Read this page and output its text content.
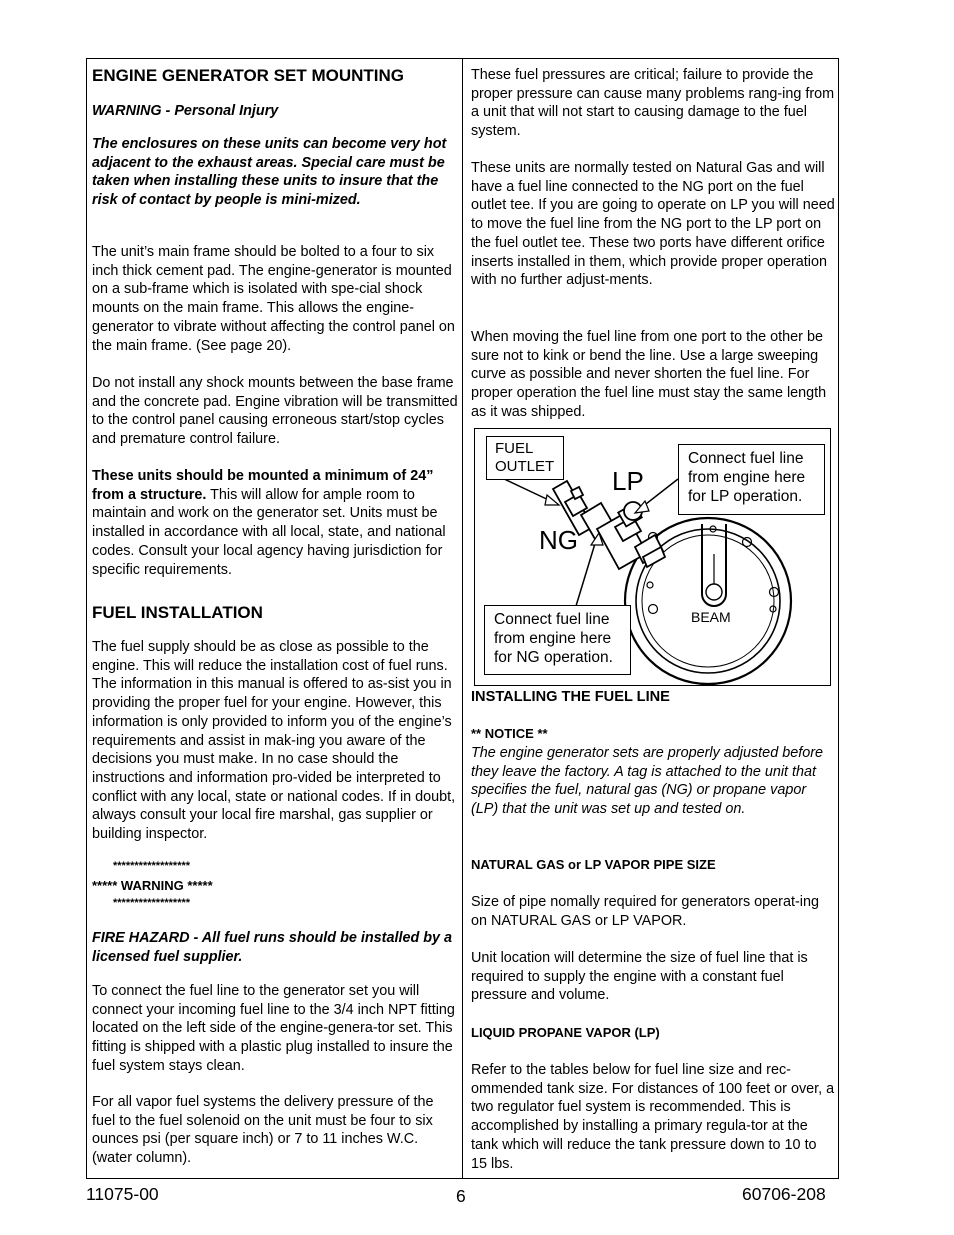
ENGINE GENERATOR SET MOUNTING

WARNING - Personal Injury

The enclosures on these units can become very hot adjacent to the exhaust areas. Special care must be taken when installing these units to insure that the risk of contact by people is mini-mized.

The unit’s main frame should be bolted to a four to six inch thick cement pad. The engine-generator is mounted on a sub-frame which is isolated with spe-cial shock mounts on the main frame. This allows the engine-generator to vibrate without affecting the control panel on the main frame. (See page 20).

Do not install any shock mounts between the base frame and the concrete pad. Engine vibration will be transmitted to the control panel causing erroneous start/stop cycles and premature control failure.

These units should be mounted a minimum of 24” from a structure. This will allow for ample room to maintain and work on the generator set. Units must be installed in accordance with all local, state, and national codes. Consult your local agency having jurisdiction for specific requirements.

FUEL INSTALLATION

The fuel supply should be as close as possible to the engine. This will reduce the installation cost of fuel runs. The information in this manual is offered to as-sist you in providing the proper fuel for your engine. However, this information is only provided to inform you of the engine’s requirements and assist in mak-ing you aware of the decisions you must make. In no case should the instructions and information pro-vided be interpreted to conflict with any local, state or national codes. If in doubt, always consult your local fire marshal, gas supplier or building inspector.

******************

***** WARNING *****

******************

FIRE HAZARD - All fuel runs should be installed by a licensed fuel supplier.

To connect the fuel line to the generator set you will connect your incoming fuel line to the 3/4 inch NPT fitting located on the left side of the engine-genera-tor set. This fitting is shipped with a plastic plug installed to insure the fuel system stays clean.

For all vapor fuel systems the delivery pressure of the fuel to the fuel solenoid on the unit must be four to six ounces psi (per square inch) or 7 to 11 inches W.C. (water column).

These fuel pressures are critical; failure to provide the proper pressure can cause many problems rang-ing from a unit that will not start to causing damage to the fuel system.

These units are normally tested on Natural Gas and will have a fuel line connected to the NG port on the fuel outlet tee. If you are going to operate on LP you will need to move the fuel line from the NG port to the LP port on the fuel outlet tee. These two ports have different orifice inserts installed in them, which provide proper operation with no further adjust-ments.

When moving the fuel line from one port to the other be sure not to kink or bend the line. Use a large sweeping curve as possible and never shorten the fuel line. For proper operation the fuel line must stay the same length as it was shipped.

INSTALLING THE FUEL LINE

** NOTICE **

The engine generator sets are properly adjusted before they leave the factory. A tag is attached to the unit that specifies the fuel, natural gas (NG) or propane vapor (LP) that the unit was set up and tested on.

NATURAL GAS or LP VAPOR PIPE SIZE

Size of pipe nomally required for generators operat-ing on NATURAL GAS or LP VAPOR.

Unit location will determine the size of fuel line that is required to supply the engine with a constant fuel pressure and volume.

LIQUID PROPANE VAPOR (LP)

Refer to the tables below for fuel line size and rec-ommended tank size. For distances of 100 feet or over, a two regulator fuel system is recommended. This is accomplished by installing a primary regula-tor at the tank which will reduce the tank pressure down to 10 to 15 lbs.

FUEL
OUTLET LP
NG
Connect fuel line from engine here for LP operation.
Connect fuel line from engine here for NG operation.
BEAM
11075-00	6	60706-208
